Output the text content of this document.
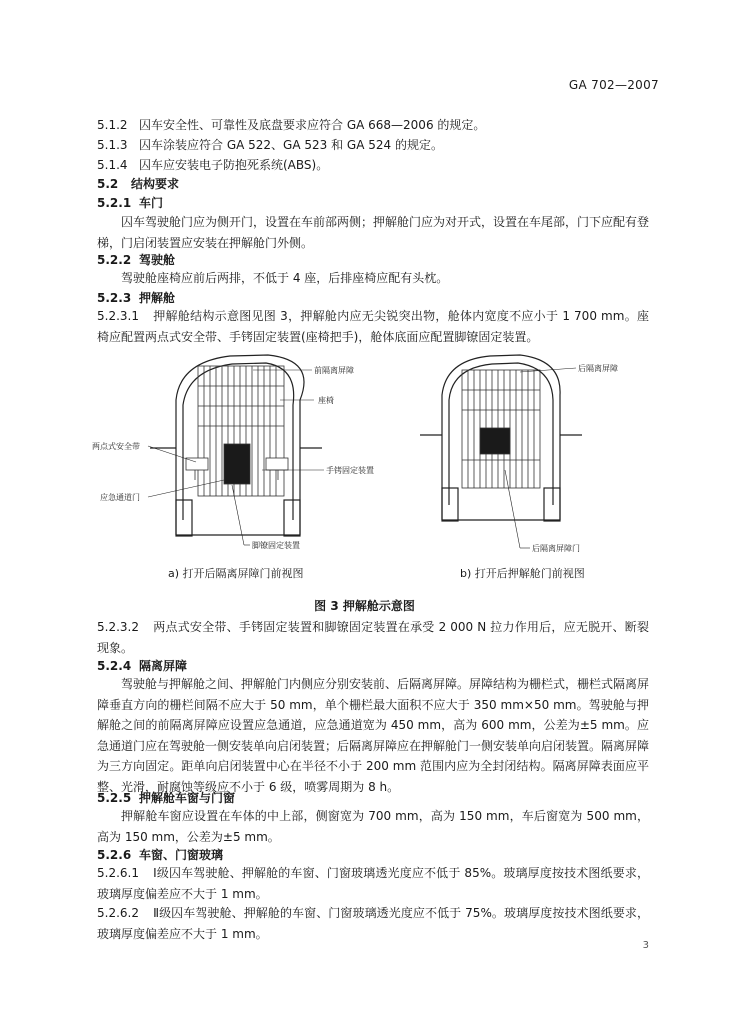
GA 702—2007
5.1.2 囚车安全性、可靠性及底盘要求应符合 GA 668—2006 的规定。
5.1.3 囚车涂装应符合 GA 522、GA 523 和 GA 524 的规定。
5.1.4 囚车应安装电子防抱死系统(ABS)。
5.2 结构要求
5.2.1 车门
囚车驾驶舱门应为侧开门，设置在车前部两侧；押解舱门应为对开式，设置在车尾部，门下应配有登梯，门启闭装置应安装在押解舱门外侧。
5.2.2 驾驶舱
驾驶舱座椅应前后两排，不低于 4 座，后排座椅应配有头枕。
5.2.3 押解舱
5.2.3.1 押解舱结构示意图见图 3，押解舱内应无尖锐突出物，舱体内宽度不应小于 1 700 mm。座椅应配置两点式安全带、手铐固定装置(座椅把手)，舱体底面应配置脚镣固定装置。
前隔离屏障
座椅
两点式安全带
手铐固定装置
应急通道门
脚镣固定装置
后隔离屏障
后隔离屏障门
a) 打开后隔离屏障门前视图	b) 打开后押解舱门前视图
图 3 押解舱示意图
5.2.3.2 两点式安全带、手铐固定装置和脚镣固定装置在承受 2 000 N 拉力作用后，应无脱开、断裂现象。
5.2.4 隔离屏障
驾驶舱与押解舱之间、押解舱门内侧应分别安装前、后隔离屏障。屏障结构为栅栏式，栅栏式隔离屏障垂直方向的栅栏间隔不应大于 50 mm，单个栅栏最大面积不应大于 350 mm×50 mm。驾驶舱与押解舱之间的前隔离屏障应设置应急通道，应急通道宽为 450 mm，高为 600 mm，公差为±5 mm。应急通道门应在驾驶舱一侧安装单向启闭装置；后隔离屏障应在押解舱门一侧安装单向启闭装置。隔离屏障为三方向固定。距单向启闭装置中心在半径不小于 200 mm 范围内应为全封闭结构。隔离屏障表面应平整、光滑，耐腐蚀等级应不小于 6 级，喷雾周期为 8 h。
5.2.5 押解舱车窗与门窗
押解舱车窗应设置在车体的中上部，侧窗宽为 700 mm，高为 150 mm，车后窗宽为 500 mm，高为 150 mm，公差为±5 mm。
5.2.6 车窗、门窗玻璃
5.2.6.1 Ⅰ级囚车驾驶舱、押解舱的车窗、门窗玻璃透光度应不低于 85%。玻璃厚度按技术图纸要求，玻璃厚度偏差应不大于 1 mm。
5.2.6.2 Ⅱ级囚车驾驶舱、押解舱的车窗、门窗玻璃透光度应不低于 75%。玻璃厚度按技术图纸要求，玻璃厚度偏差应不大于 1 mm。
3
